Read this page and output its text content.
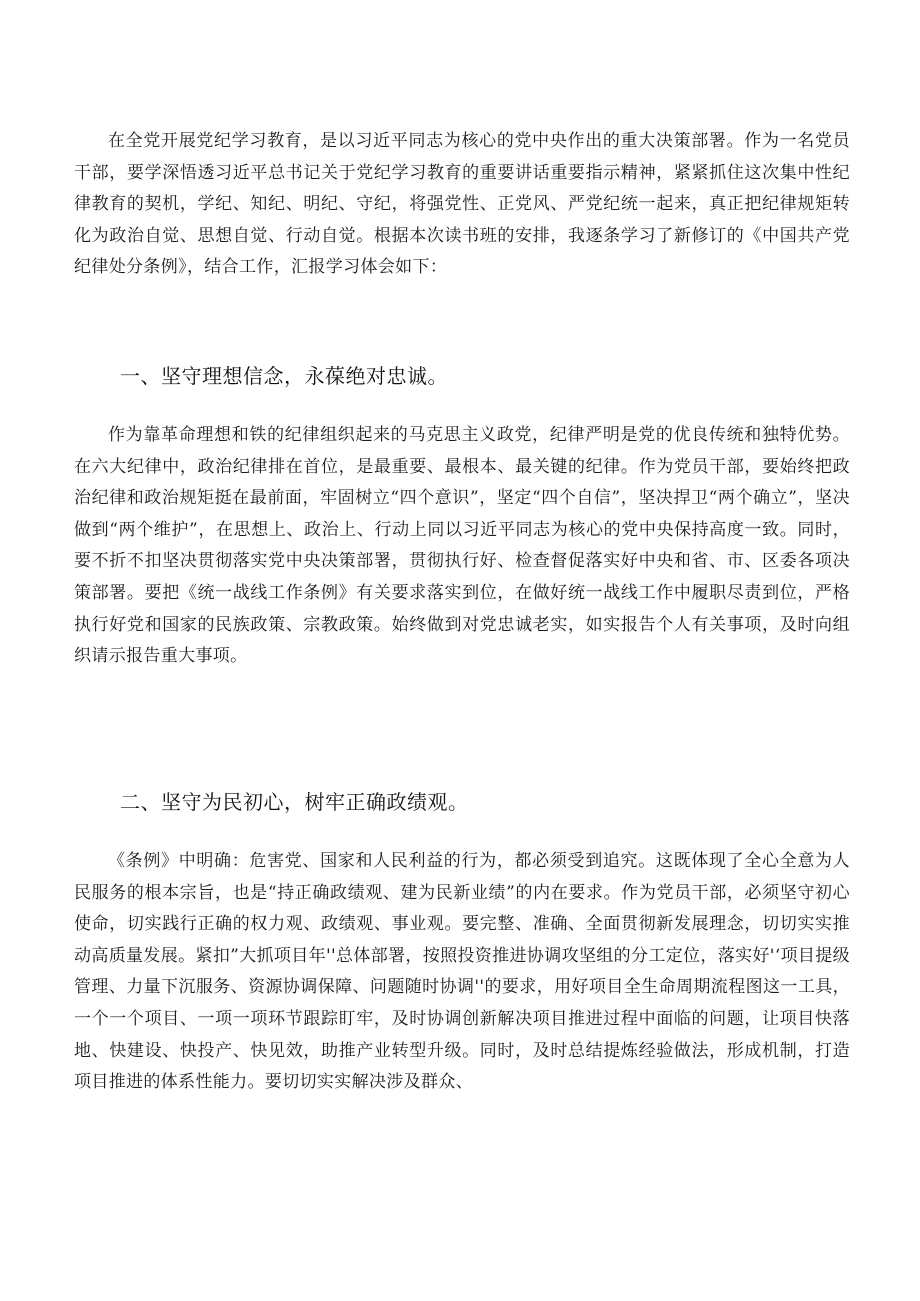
在全党开展党纪学习教育，是以习近平同志为核心的党中央作出的重大决策部署。作为一名党员干部，要学深悟透习近平总书记关于党纪学习教育的重要讲话重要指示精神，紧紧抓住这次集中性纪律教育的契机，学纪、知纪、明纪、守纪，将强党性、正党风、严党纪统一起来，真正把纪律规矩转化为政治自觉、思想自觉、行动自觉。根据本次读书班的安排，我逐条学习了新修订的《中国共产党纪律处分条例》，结合工作，汇报学习体会如下：

一、坚守理想信念，永葆绝对忠诚。

作为靠革命理想和铁的纪律组织起来的马克思主义政党，纪律严明是党的优良传统和独特优势。在六大纪律中，政治纪律排在首位，是最重要、最根本、最关键的纪律。作为党员干部，要始终把政治纪律和政治规矩挺在最前面，牢固树立“四个意识”，坚定“四个自信”，坚决捍卫“两个确立”，坚决做到“两个维护”，在思想上、政治上、行动上同以习近平同志为核心的党中央保持高度一致。同时，要不折不扣坚决贯彻落实党中央决策部署，贯彻执行好、检查督促落实好中央和省、市、区委各项决策部署。要把《统一战线工作条例》有关要求落实到位，在做好统一战线工作中履职尽责到位，严格执行好党和国家的民族政策、宗教政策。始终做到对党忠诚老实，如实报告个人有关事项，及时向组织请示报告重大事项。

二、坚守为民初心，树牢正确政绩观。

《条例》中明确：危害党、国家和人民利益的行为，都必须受到追究。这既体现了全心全意为人民服务的根本宗旨，也是“持正确政绩观、建为民新业绩”的内在要求。作为党员干部，必须坚守初心使命，切实践行正确的权力观、政绩观、事业观。要完整、准确、全面贯彻新发展理念，切切实实推动高质量发展。紧扣”大抓项目年''总体部署，按照投资推进协调攻坚组的分工定位，落实好'‘项目提级管理、力量下沉服务、资源协调保障、问题随时协调''的要求，用好项目全生命周期流程图这一工具，一个一个项目、一项一项环节跟踪盯牢，及时协调创新解决项目推进过程中面临的问题，让项目快落地、快建设、快投产、快见效，助推产业转型升级。同时，及时总结提炼经验做法，形成机制，打造项目推进的体系性能力。要切切实实解决涉及群众、
